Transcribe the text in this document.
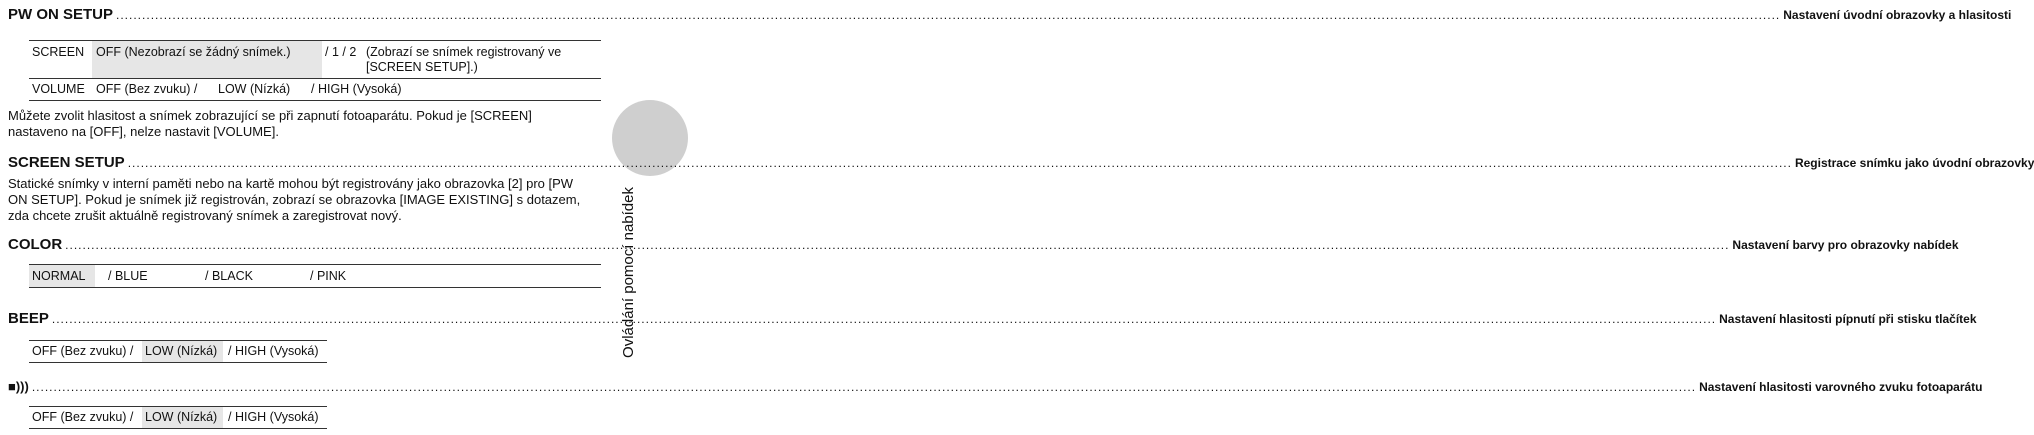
Ovládání pomocí nabídek
PW ON SETUP ................................................................................................................................................................................................................................................................................................................................................................................................ Nastavení úvodní obrazovky a hlasitosti
SCREEN OFF (Nezobrazí se žádný snímek.)	/ 1 / 2 (Zobrazí se snímek registrovaný ve
[SCREEN SETUP].)
VOLUME OFF (Bez zvuku) / LOW (Nízká) / HIGH (Vysoká)
Můžete zvolit hlasitost a snímek zobrazující se při zapnutí fotoaparátu. Pokud je [SCREEN]
nastaveno na [OFF], nelze nastavit [VOLUME].
SCREEN SETUP ................................................................................................................................................................................................................................................................................................................................................................................................ Registrace snímku jako úvodní obrazovky
Statické snímky v interní paměti nebo na kartě mohou být registrovány jako obrazovka [2] pro [PW
ON SETUP]. Pokud je snímek již registrován, zobrazí se obrazovka [IMAGE EXISTING] s dotazem,
zda chcete zrušit aktuálně registrovaný snímek a zaregistrovat nový.
COLOR ................................................................................................................................................................................................................................................................................................................................................................................................ Nastavení barvy pro obrazovky nabídek
NORMAL / BLUE	/ BLACK	/ PINK
BEEP ................................................................................................................................................................................................................................................................................................................................................................................................ Nastavení hlasitosti pípnutí při stisku tlačítek
OFF (Bez zvuku) / LOW (Nízká) / HIGH (Vysoká)
■))) ................................................................................................................................................................................................................................................................................................................................................................................................ Nastavení hlasitosti varovného zvuku fotoaparátu
OFF (Bez zvuku) / LOW (Nízká) / HIGH (Vysoká)
